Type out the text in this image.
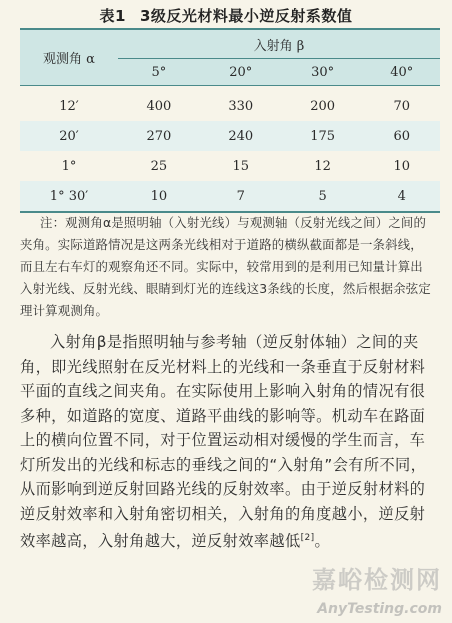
表1 3级反光材料最小逆反射系数值
观测角 α	入射角 β			
	5°	20°	30°	40°
12′	400	330	200	70
20′	270	240	175	60
1°	25	15	12	10
1° 30′	10	7	5	4
注：观测角α是照明轴（入射光线）与观测轴（反射光线之间）之间的夹角。实际道路情况是这两条光线相对于道路的横纵截面都是一条斜线，而且左右车灯的观察角还不同。实际中，较常用到的是利用已知量计算出入射光线、反射光线、眼睛到灯光的连线这3条线的长度，然后根据余弦定理计算观测角。
入射角β是指照明轴与参考轴（逆反射体轴）之间的夹角，即光线照射在反光材料上的光线和一条垂直于反射材料平面的直线之间夹角。在实际使用上影响入射角的情况有很多种，如道路的宽度、道路平曲线的影响等。机动车在路面上的横向位置不同，对于位置运动相对缓慢的学生而言，车灯所发出的光线和标志的垂线之间的“入射角”会有所不同，从而影响到逆反射回路光线的反射效率。由于逆反射材料的逆反射效率和入射角密切相关，入射角的角度越小，逆反射效率越高，入射角越大，逆反射效率越低[2]。
嘉峪检测网
AnyTesting.com
